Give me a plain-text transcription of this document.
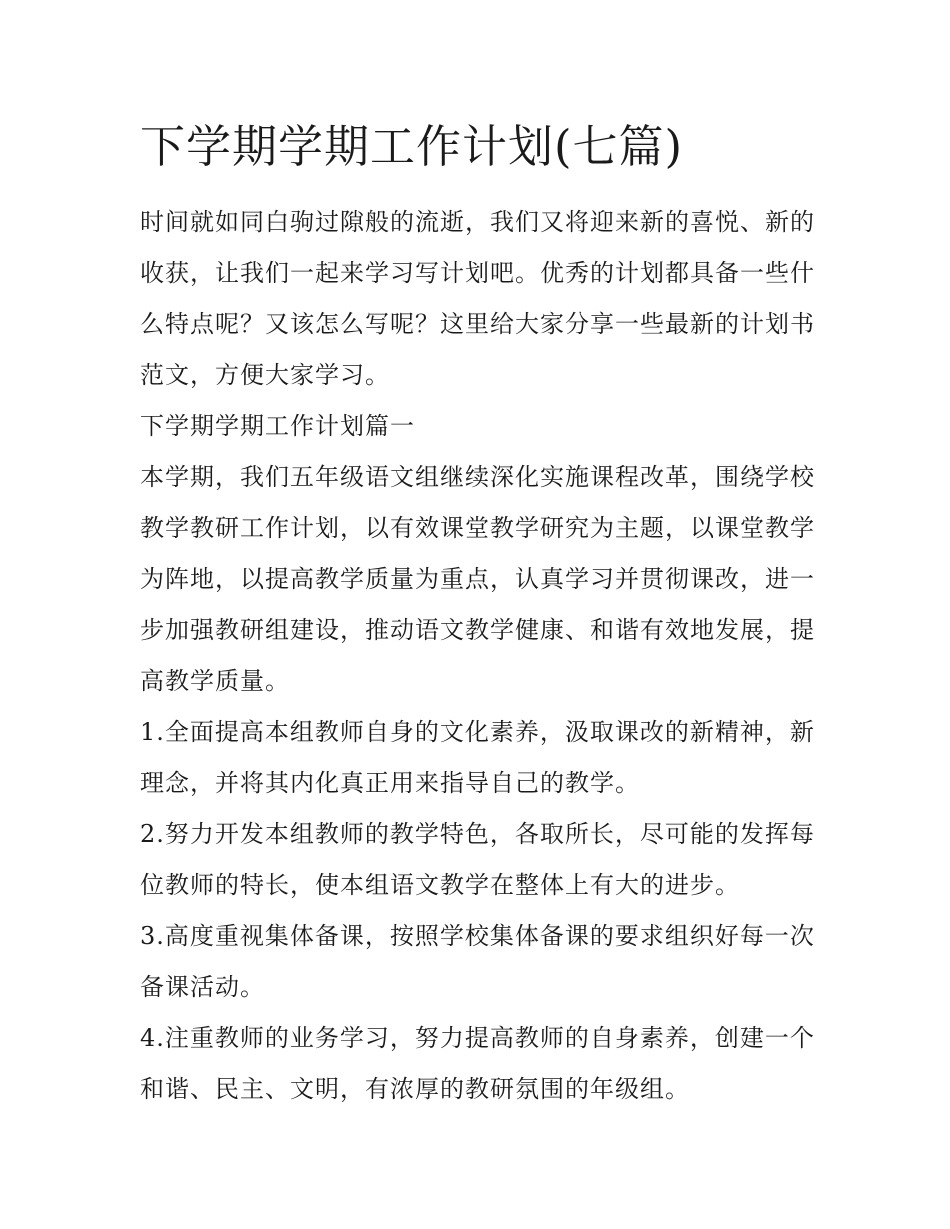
下学期学期工作计划(七篇)

时间就如同白驹过隙般的流逝，我们又将迎来新的喜悦、新的收获，让我们一起来学习写计划吧。优秀的计划都具备一些什么特点呢？又该怎么写呢？这里给大家分享一些最新的计划书范文，方便大家学习。

下学期学期工作计划篇一

本学期，我们五年级语文组继续深化实施课程改革，围绕学校教学教研工作计划，以有效课堂教学研究为主题，以课堂教学为阵地，以提高教学质量为重点，认真学习并贯彻课改，进一步加强教研组建设，推动语文教学健康、和谐有效地发展，提高教学质量。

1.全面提高本组教师自身的文化素养，汲取课改的新精神，新理念，并将其内化真正用来指导自己的教学。

2.努力开发本组教师的教学特色，各取所长，尽可能的发挥每位教师的特长，使本组语文教学在整体上有大的进步。

3.高度重视集体备课，按照学校集体备课的要求组织好每一次备课活动。

4.注重教师的业务学习，努力提高教师的自身素养，创建一个和谐、民主、文明，有浓厚的教研氛围的年级组。
